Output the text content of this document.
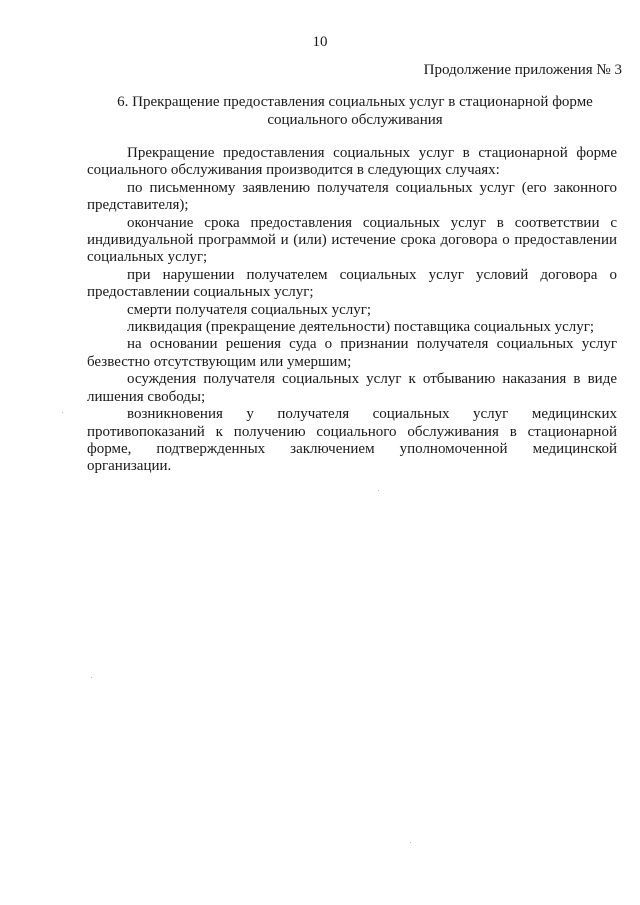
10
Продолжение приложения № 3
6. Прекращение предоставления социальных услуг в стационарной форме
социального обслуживания

Прекращение предоставления социальных услуг в стационарной форме социального обслуживания производится в следующих случаях:

по письменному заявлению получателя социальных услуг (его законного представителя);

окончание срока предоставления социальных услуг в соответствии с индивидуальной программой и (или) истечение срока договора о предоставлении социальных услуг;

при нарушении получателем социальных услуг условий договора о предоставлении социальных услуг;

смерти получателя социальных услуг;

ликвидация (прекращение деятельности) поставщика социальных услуг;

на основании решения суда о признании получателя социальных услуг безвестно отсутствующим или умершим;

осуждения получателя социальных услуг к отбыванию наказания в виде лишения свободы;

возникновения у получателя социальных услуг медицинских противопоказаний к получению социального обслуживания в стационарной форме, подтвержденных заключением уполномоченной медицинской организации.
